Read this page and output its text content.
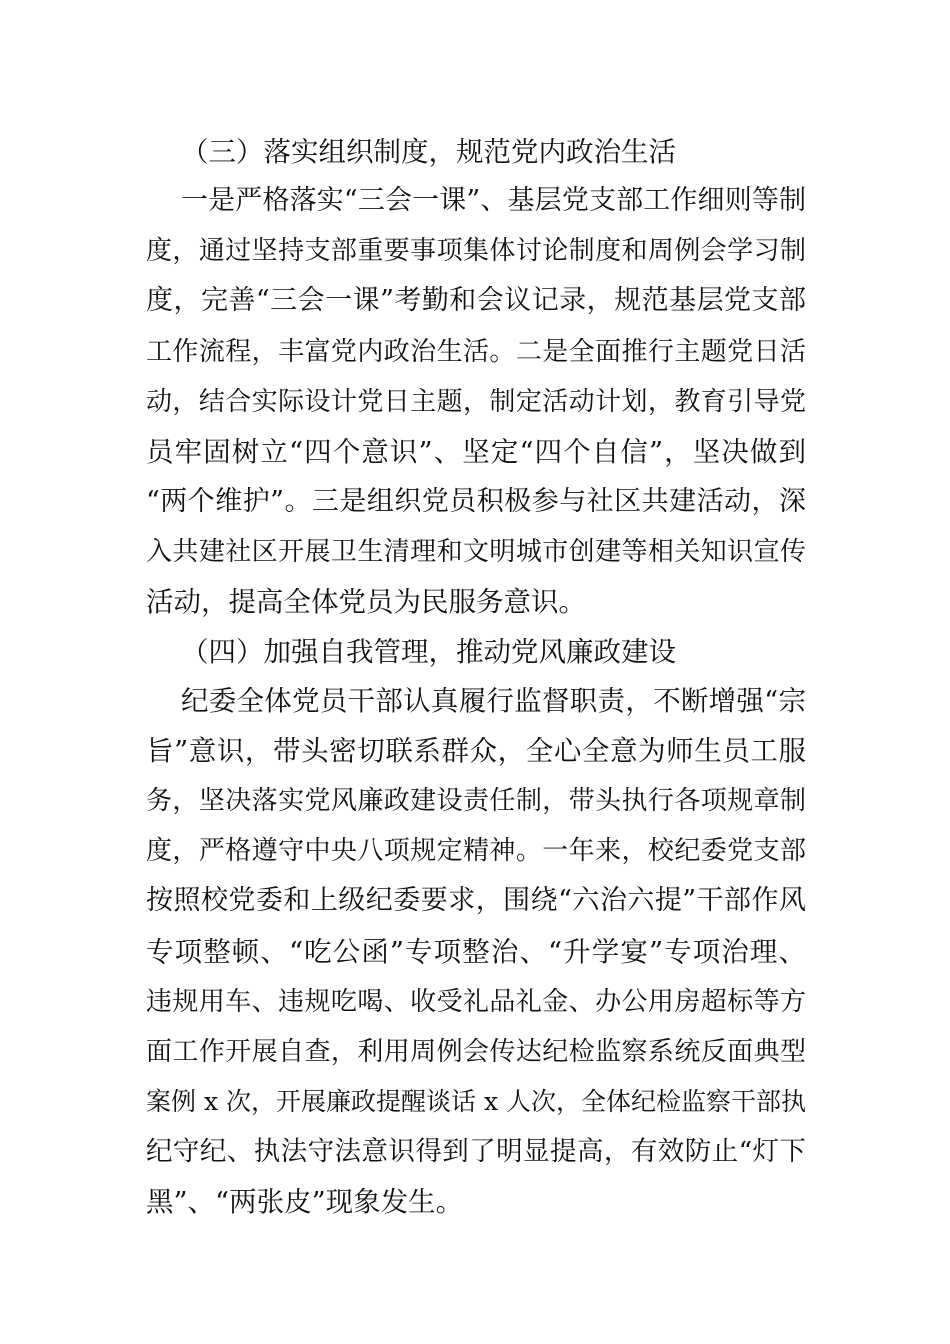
（三）落实组织制度，规范党内政治生活
一是严格落实“三会一课”、基层党支部工作细则等制
度，通过坚持支部重要事项集体讨论制度和周例会学习制
度，完善“三会一课”考勤和会议记录，规范基层党支部
工作流程，丰富党内政治生活。二是全面推行主题党日活
动，结合实际设计党日主题，制定活动计划，教育引导党
员牢固树立“四个意识”、坚定“四个自信”，坚决做到
“两个维护”。三是组织党员积极参与社区共建活动，深
入共建社区开展卫生清理和文明城市创建等相关知识宣传
活动，提高全体党员为民服务意识。
（四）加强自我管理，推动党风廉政建设
纪委全体党员干部认真履行监督职责，不断增强“宗
旨”意识，带头密切联系群众，全心全意为师生员工服
务，坚决落实党风廉政建设责任制，带头执行各项规章制
度，严格遵守中央八项规定精神。一年来，校纪委党支部
按照校党委和上级纪委要求，围绕“六治六提”干部作风
专项整顿、“吃公函”专项整治、“升学宴”专项治理、
违规用车、违规吃喝、收受礼品礼金、办公用房超标等方
面工作开展自查，利用周例会传达纪检监察系统反面典型
案例 x 次，开展廉政提醒谈话 x 人次，全体纪检监察干部执
纪守纪、执法守法意识得到了明显提高，有效防止“灯下
黑”、“两张皮”现象发生。
